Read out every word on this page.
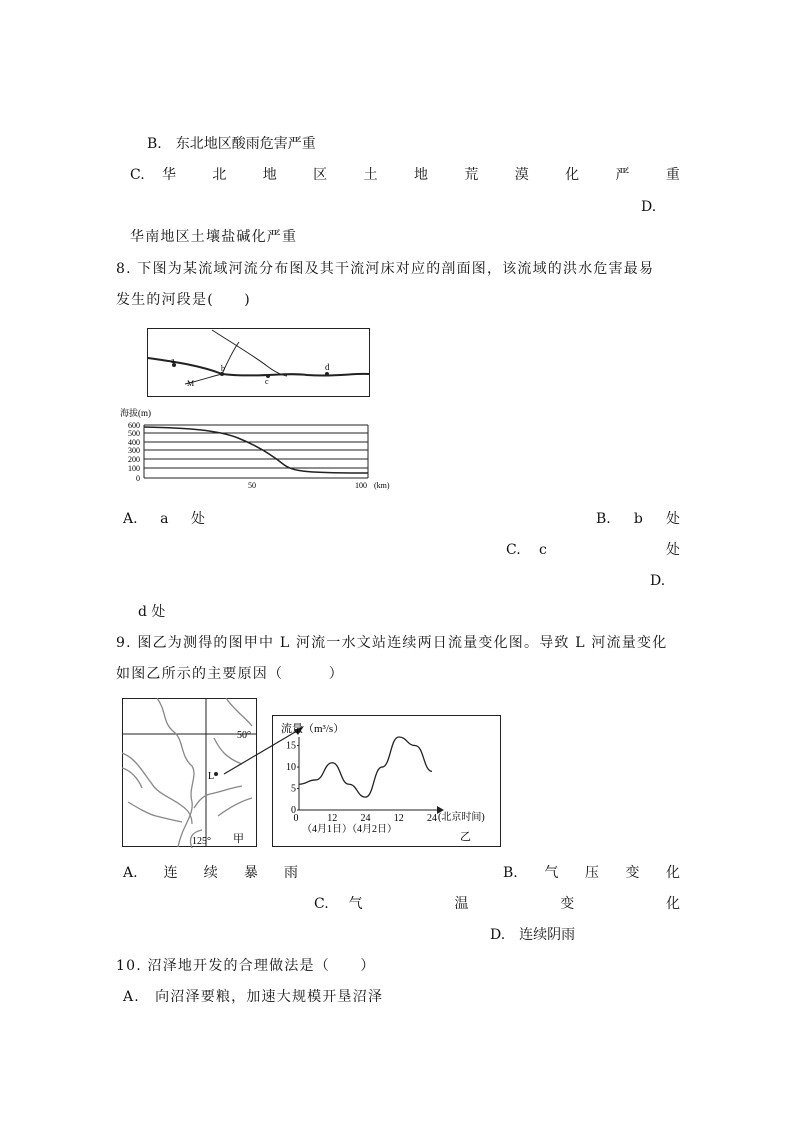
B.　东北地区酸雨危害严重
C. 华	北	地	区	土	地	荒	漠	化	严	重
D.
华南地区土壤盐碱化严重
8. 下图为某流域河流分布图及其干流河床对应的剖面图，该流域的洪水危害最易
发生的河段是(　　)
a
b
c
d
M
海拔(m)
600
500
400
300
200
100
0
50	100 (km)
A. a 处	B. b 处
C. c	处
D.
d 处
9. 图乙为测得的图甲中 L 河流一水文站连续两日流量变化图。导致 L 河流量变化
如图乙所示的主要原因（　　　）
50°
L
125° 甲
流量（m³/s）
15
10
5
0
0	12 24 12 24 (北京时间)
（4月1日）（4月2日）
乙
A. 连 续 暴 雨	B. 气 压 变 化
C. 气	温	变	化
D.　连续阴雨
10. 沼泽地开发的合理做法是（　　）
A.　向沼泽要粮，加速大规模开垦沼泽
